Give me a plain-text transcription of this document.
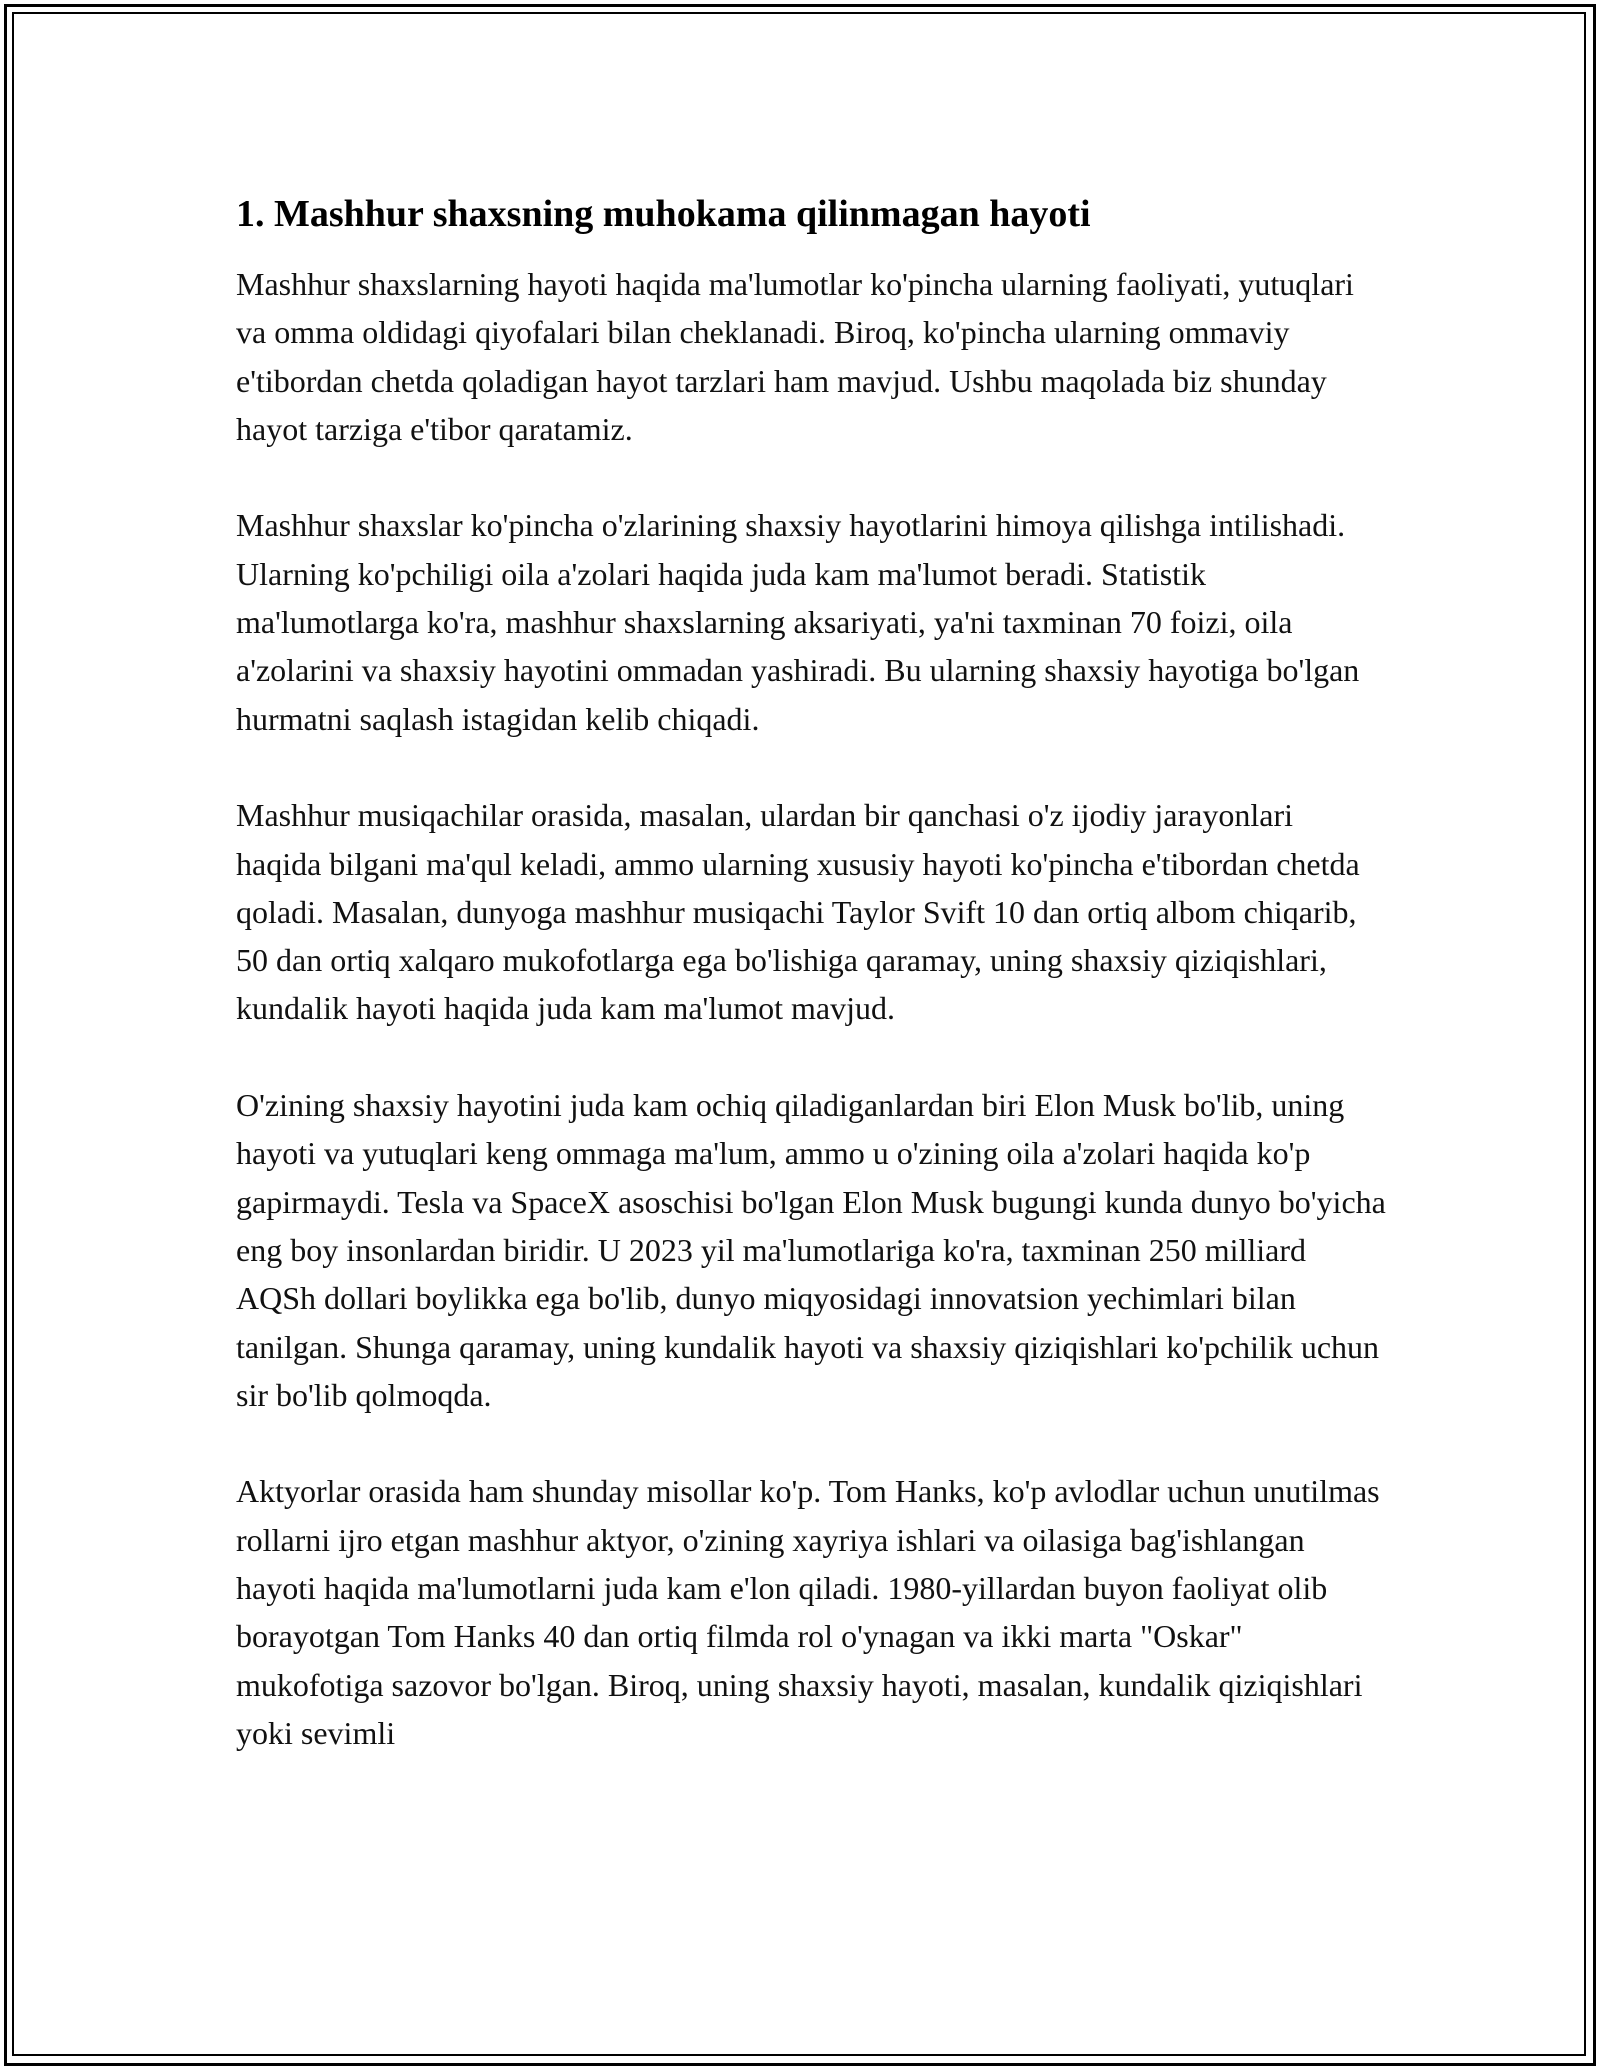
1. Mashhur shaxsning muhokama qilinmagan hayoti

Mashhur shaxslarning hayoti haqida ma'lumotlar ko'pincha ularning faoliyati, yutuqlari va omma oldidagi qiyofalari bilan cheklanadi. Biroq, ko'pincha ularning ommaviy e'tibordan chetda qoladigan hayot tarzlari ham mavjud. Ushbu maqolada biz shunday hayot tarziga e'tibor qaratamiz.

Mashhur shaxslar ko'pincha o'zlarining shaxsiy hayotlarini himoya qilishga intilishadi. Ularning ko'pchiligi oila a'zolari haqida juda kam ma'lumot beradi. Statistik ma'lumotlarga ko'ra, mashhur shaxslarning aksariyati, ya'ni taxminan 70 foizi, oila a'zolarini va shaxsiy hayotini ommadan yashiradi. Bu ularning shaxsiy hayotiga bo'lgan hurmatni saqlash istagidan kelib chiqadi.

Mashhur musiqachilar orasida, masalan, ulardan bir qanchasi o'z ijodiy jarayonlari haqida bilgani ma'qul keladi, ammo ularning xususiy hayoti ko'pincha e'tibordan chetda qoladi. Masalan, dunyoga mashhur musiqachi Taylor Svift 10 dan ortiq albom chiqarib, 50 dan ortiq xalqaro mukofotlarga ega bo'lishiga qaramay, uning shaxsiy qiziqishlari, kundalik hayoti haqida juda kam ma'lumot mavjud.

O'zining shaxsiy hayotini juda kam ochiq qiladiganlardan biri Elon Musk bo'lib, uning hayoti va yutuqlari keng ommaga ma'lum, ammo u o'zining oila a'zolari haqida ko'p gapirmaydi. Tesla va SpaceX asoschisi bo'lgan Elon Musk bugungi kunda dunyo bo'yicha eng boy insonlardan biridir. U 2023 yil ma'lumotlariga ko'ra, taxminan 250 milliard AQSh dollari boylikka ega bo'lib, dunyo miqyosidagi innovatsion yechimlari bilan tanilgan. Shunga qaramay, uning kundalik hayoti va shaxsiy qiziqishlari ko'pchilik uchun sir bo'lib qolmoqda.

Aktyorlar orasida ham shunday misollar ko'p. Tom Hanks, ko'p avlodlar uchun unutilmas rollarni ijro etgan mashhur aktyor, o'zining xayriya ishlari va oilasiga bag'ishlangan hayoti haqida ma'lumotlarni juda kam e'lon qiladi. 1980-yillardan buyon faoliyat olib borayotgan Tom Hanks 40 dan ortiq filmda rol o'ynagan va ikki marta "Oskar" mukofotiga sazovor bo'lgan. Biroq, uning shaxsiy hayoti, masalan, kundalik qiziqishlari yoki sevimli
